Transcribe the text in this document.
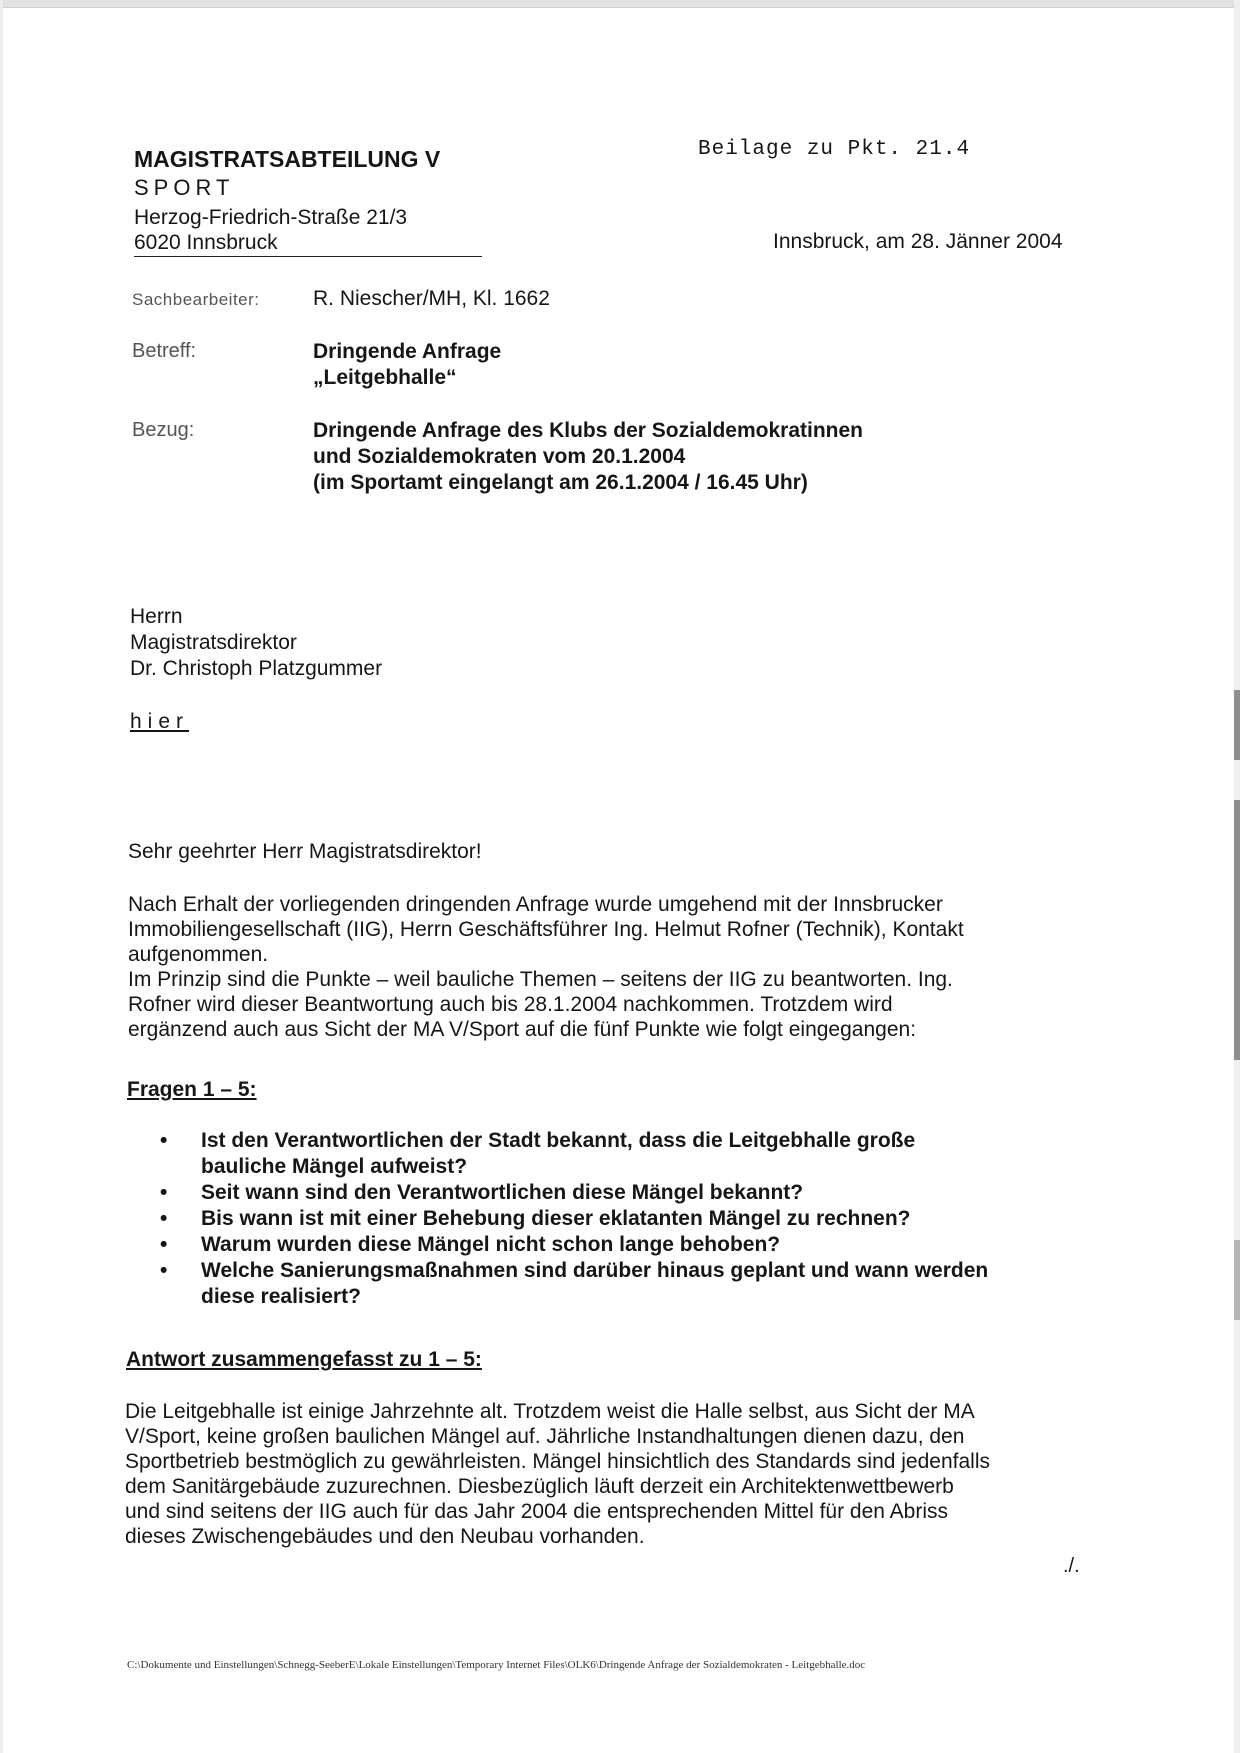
MAGISTRATSABTEILUNG V
SPORT
Herzog-Friedrich-Straße 21/3
6020 Innsbruck
Beilage zu Pkt. 21.4
Innsbruck, am 28. Jänner 2004
Sachbearbeiter:	R. Niescher/MH, Kl. 1662
Betreff:	Dringende Anfrage
„Leitgebhalle“
Bezug:	Dringende Anfrage des Klubs der Sozialdemokratinnen
und Sozialdemokraten vom 20.1.2004
(im Sportamt eingelangt am 26.1.2004 / 16.45 Uhr)
Herrn
Magistratsdirektor
Dr. Christoph Platzgummer
hier
Sehr geehrter Herr Magistratsdirektor!
Nach Erhalt der vorliegenden dringenden Anfrage wurde umgehend mit der Innsbrucker
Immobiliengesellschaft (IIG), Herrn Geschäftsführer Ing. Helmut Rofner (Technik), Kontakt
aufgenommen.
Im Prinzip sind die Punkte – weil bauliche Themen – seitens der IIG zu beantworten. Ing.
Rofner wird dieser Beantwortung auch bis 28.1.2004 nachkommen. Trotzdem wird
ergänzend auch aus Sicht der MA V/Sport auf die fünf Punkte wie folgt eingegangen:
Fragen 1 – 5:
•	Ist den Verantwortlichen der Stadt bekannt, dass die Leitgebhalle große
bauliche Mängel aufweist?
•	Seit wann sind den Verantwortlichen diese Mängel bekannt?
•	Bis wann ist mit einer Behebung dieser eklatanten Mängel zu rechnen?
•	Warum wurden diese Mängel nicht schon lange behoben?
•	Welche Sanierungsmaßnahmen sind darüber hinaus geplant und wann werden
diese realisiert?
Antwort zusammengefasst zu 1 – 5:
Die Leitgebhalle ist einige Jahrzehnte alt. Trotzdem weist die Halle selbst, aus Sicht der MA
V/Sport, keine großen baulichen Mängel auf. Jährliche Instandhaltungen dienen dazu, den
Sportbetrieb bestmöglich zu gewährleisten. Mängel hinsichtlich des Standards sind jedenfalls
dem Sanitärgebäude zuzurechnen. Diesbezüglich läuft derzeit ein Architektenwettbewerb
und sind seitens der IIG auch für das Jahr 2004 die entsprechenden Mittel für den Abriss
dieses Zwischengebäudes und den Neubau vorhanden.
./.
C:\Dokumente und Einstellungen\Schnegg-SeeberE\Lokale Einstellungen\Temporary Internet Files\OLK6\Dringende Anfrage der Sozialdemokraten - Leitgebhalle.doc
